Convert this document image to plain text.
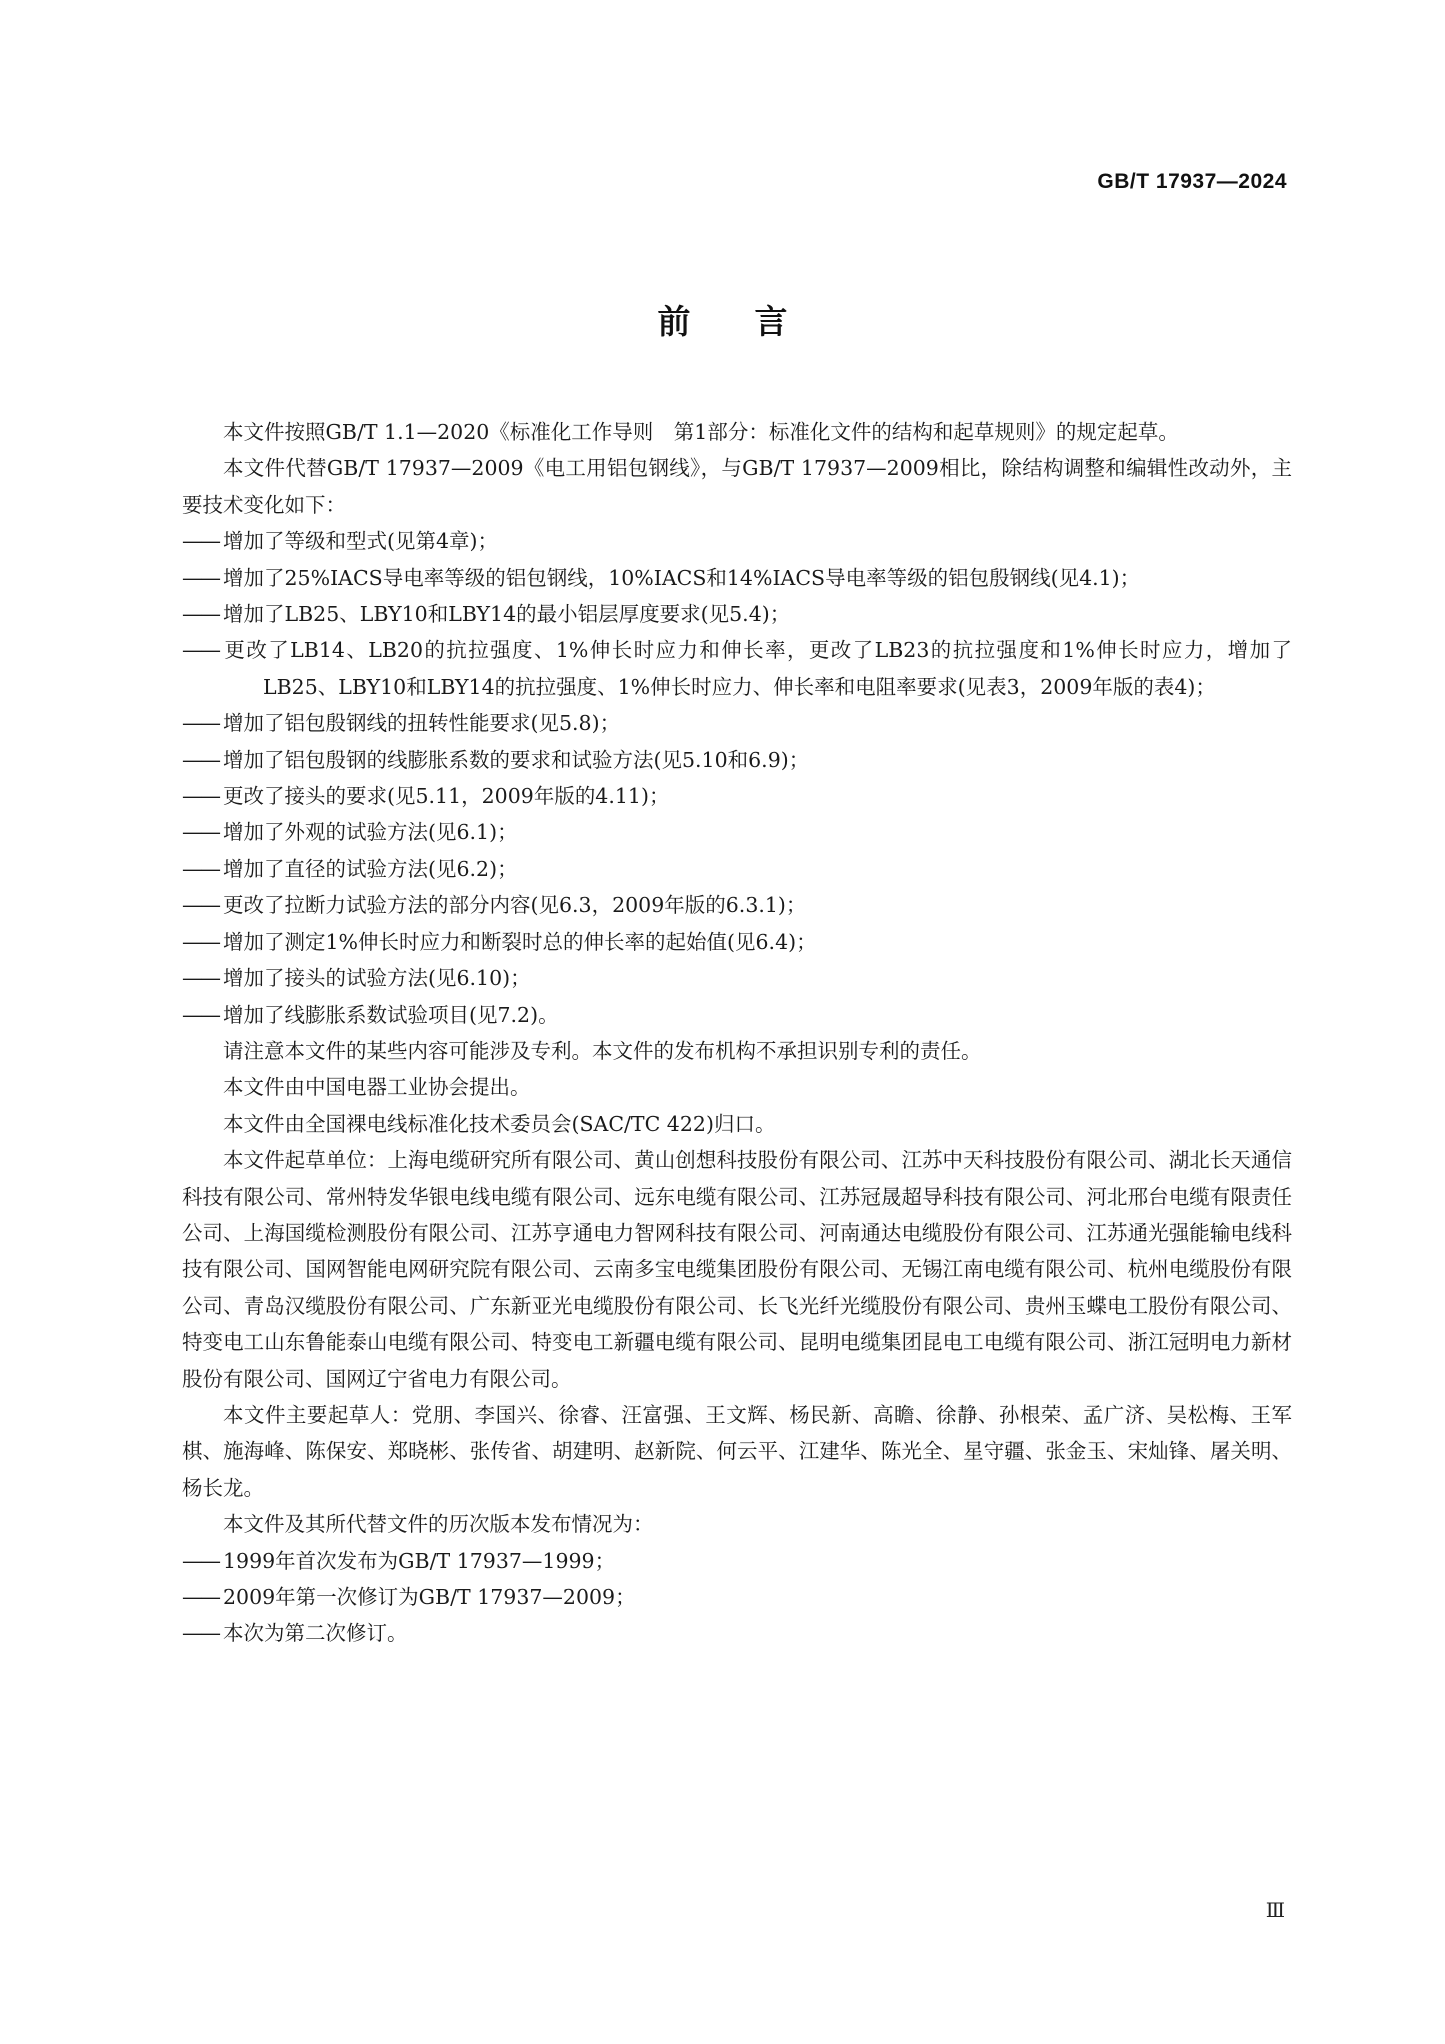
GB/T 17937—2024
前言

本文件按照GB/T 1.1—2020《标准化工作导则　第1部分：标准化文件的结构和起草规则》的规定起草。

本文件代替GB/T 17937—2009《电工用铝包钢线》，与GB/T 17937—2009相比，除结构调整和编辑性改动外，主要技术变化如下：

——增加了等级和型式(见第4章)；

——增加了25%IACS导电率等级的铝包钢线，10%IACS和14%IACS导电率等级的铝包殷钢线(见4.1)；

——增加了LB25、LBY10和LBY14的最小铝层厚度要求(见5.4)；

——更改了LB14、LB20的抗拉强度、1%伸长时应力和伸长率，更改了LB23的抗拉强度和1%伸长时应力，增加了LB25、LBY10和LBY14的抗拉强度、1%伸长时应力、伸长率和电阻率要求(见表3，2009年版的表4)；

——增加了铝包殷钢线的扭转性能要求(见5.8)；

——增加了铝包殷钢的线膨胀系数的要求和试验方法(见5.10和6.9)；

——更改了接头的要求(见5.11，2009年版的4.11)；

——增加了外观的试验方法(见6.1)；

——增加了直径的试验方法(见6.2)；

——更改了拉断力试验方法的部分内容(见6.3，2009年版的6.3.1)；

——增加了测定1%伸长时应力和断裂时总的伸长率的起始值(见6.4)；

——增加了接头的试验方法(见6.10)；

——增加了线膨胀系数试验项目(见7.2)。

请注意本文件的某些内容可能涉及专利。本文件的发布机构不承担识别专利的责任。

本文件由中国电器工业协会提出。

本文件由全国裸电线标准化技术委员会(SAC/TC 422)归口。

本文件起草单位：上海电缆研究所有限公司、黄山创想科技股份有限公司、江苏中天科技股份有限公司、湖北长天通信科技有限公司、常州特发华银电线电缆有限公司、远东电缆有限公司、江苏冠晟超导科技有限公司、河北邢台电缆有限责任公司、上海国缆检测股份有限公司、江苏亨通电力智网科技有限公司、河南通达电缆股份有限公司、江苏通光强能输电线科技有限公司、国网智能电网研究院有限公司、云南多宝电缆集团股份有限公司、无锡江南电缆有限公司、杭州电缆股份有限公司、青岛汉缆股份有限公司、广东新亚光电缆股份有限公司、长飞光纤光缆股份有限公司、贵州玉蝶电工股份有限公司、特变电工山东鲁能泰山电缆有限公司、特变电工新疆电缆有限公司、昆明电缆集团昆电工电缆有限公司、浙江冠明电力新材股份有限公司、国网辽宁省电力有限公司。

本文件主要起草人：党朋、李国兴、徐睿、汪富强、王文辉、杨民新、高瞻、徐静、孙根荣、孟广济、吴松梅、王军棋、施海峰、陈保安、郑晓彬、张传省、胡建明、赵新院、何云平、江建华、陈光全、星守疆、张金玉、宋灿锋、屠关明、杨长龙。

本文件及其所代替文件的历次版本发布情况为：

——1999年首次发布为GB/T 17937—1999；

——2009年第一次修订为GB/T 17937—2009；

——本次为第二次修订。

Ⅲ
